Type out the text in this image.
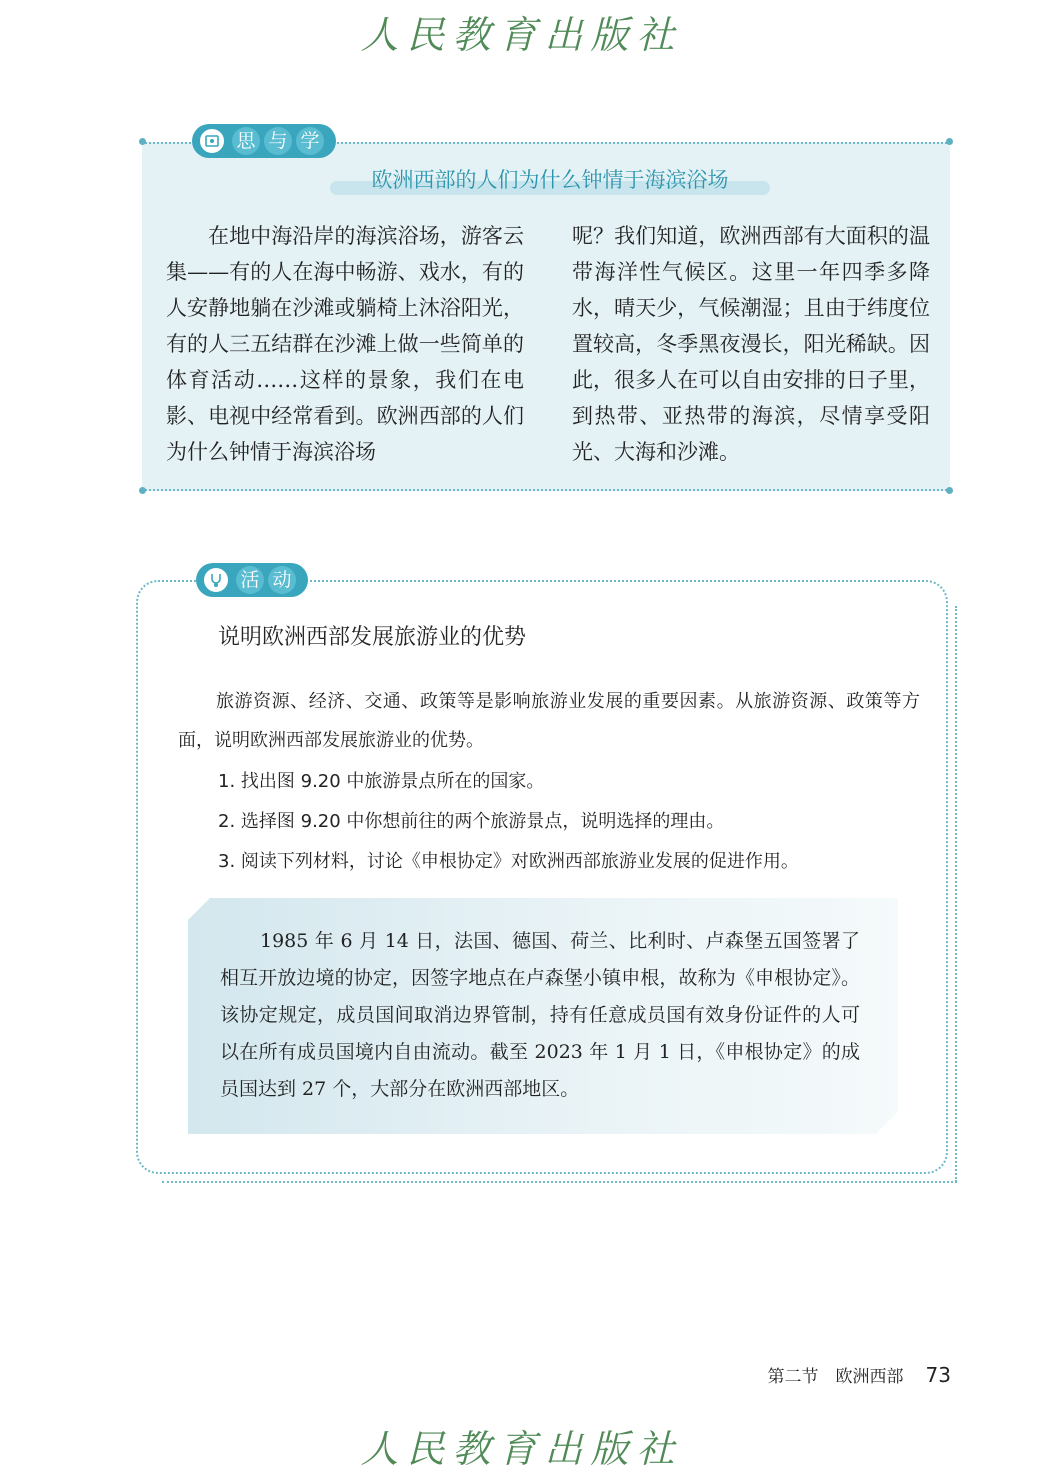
人民教育出版社
思 与 学
欧洲西部的人们为什么钟情于海滨浴场
在地中海沿岸的海滨浴场，游客云集——有的人在海中畅游、戏水，有的人安静地躺在沙滩或躺椅上沐浴阳光，有的人三五结群在沙滩上做一些简单的体育活动……这样的景象，我们在电影、电视中经常看到。欧洲西部的人们为什么钟情于海滨浴场
呢？我们知道，欧洲西部有大面积的温带海洋性气候区。这里一年四季多降水，晴天少，气候潮湿；且由于纬度位置较高，冬季黑夜漫长，阳光稀缺。因此，很多人在可以自由安排的日子里，到热带、亚热带的海滨，尽情享受阳光、大海和沙滩。
活 动
说明欧洲西部发展旅游业的优势
旅游资源、经济、交通、政策等是影响旅游业发展的重要因素。从旅游资源、政策等方面，说明欧洲西部发展旅游业的优势。
1. 找出图 9.20 中旅游景点所在的国家。
2. 选择图 9.20 中你想前往的两个旅游景点，说明选择的理由。
3. 阅读下列材料，讨论《申根协定》对欧洲西部旅游业发展的促进作用。
1985 年 6 月 14 日，法国、德国、荷兰、比利时、卢森堡五国签署了相互开放边境的协定，因签字地点在卢森堡小镇申根，故称为《申根协定》。该协定规定，成员国间取消边界管制，持有任意成员国有效身份证件的人可以在所有成员国境内自由流动。截至 2023 年 1 月 1 日，《申根协定》的成员国达到 27 个，大部分在欧洲西部地区。
第二节　欧洲西部 73
人民教育出版社
